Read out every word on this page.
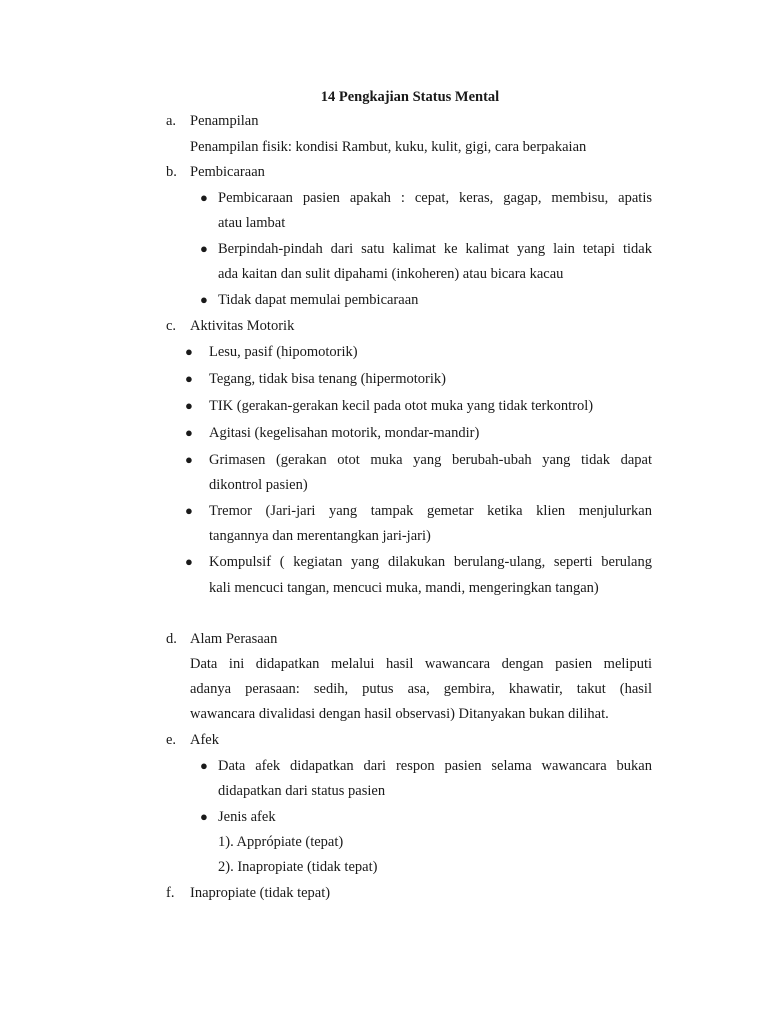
14 Pengkajian Status Mental
a. Penampilan
Penampilan fisik: kondisi Rambut, kuku, kulit, gigi, cara berpakaian
b. Pembicaraan
● Pembicaraan pasien apakah : cepat, keras, gagap, membisu, apatis
atau lambat
● Berpindah-pindah dari satu kalimat ke kalimat yang lain tetapi tidak
ada kaitan dan sulit dipahami (inkoheren) atau bicara kacau
● Tidak dapat memulai pembicaraan
c. Aktivitas Motorik
● Lesu, pasif (hipomotorik)
● Tegang, tidak bisa tenang (hipermotorik)
● TIK (gerakan-gerakan kecil pada otot muka yang tidak terkontrol)
● Agitasi (kegelisahan motorik, mondar-mandir)
● Grimasen (gerakan otot muka yang berubah-ubah yang tidak dapat
dikontrol pasien)
● Tremor (Jari-jari yang tampak gemetar ketika klien menjulurkan
tangannya dan merentangkan jari-jari)
● Kompulsif ( kegiatan yang dilakukan berulang-ulang, seperti berulang
kali mencuci tangan, mencuci muka, mandi, mengeringkan tangan)
d. Alam Perasaan
Data ini didapatkan melalui hasil wawancara dengan pasien meliputi
adanya perasaan: sedih, putus asa, gembira, khawatir, takut (hasil
wawancara divalidasi dengan hasil observasi) Ditanyakan bukan dilihat.
e. Afek
● Data afek didapatkan dari respon pasien selama wawancara bukan
didapatkan dari status pasien
● Jenis afek
1). Apprópiate (tepat)
2). Inapropiate (tidak tepat)
f. Inapropiate (tidak tepat)
